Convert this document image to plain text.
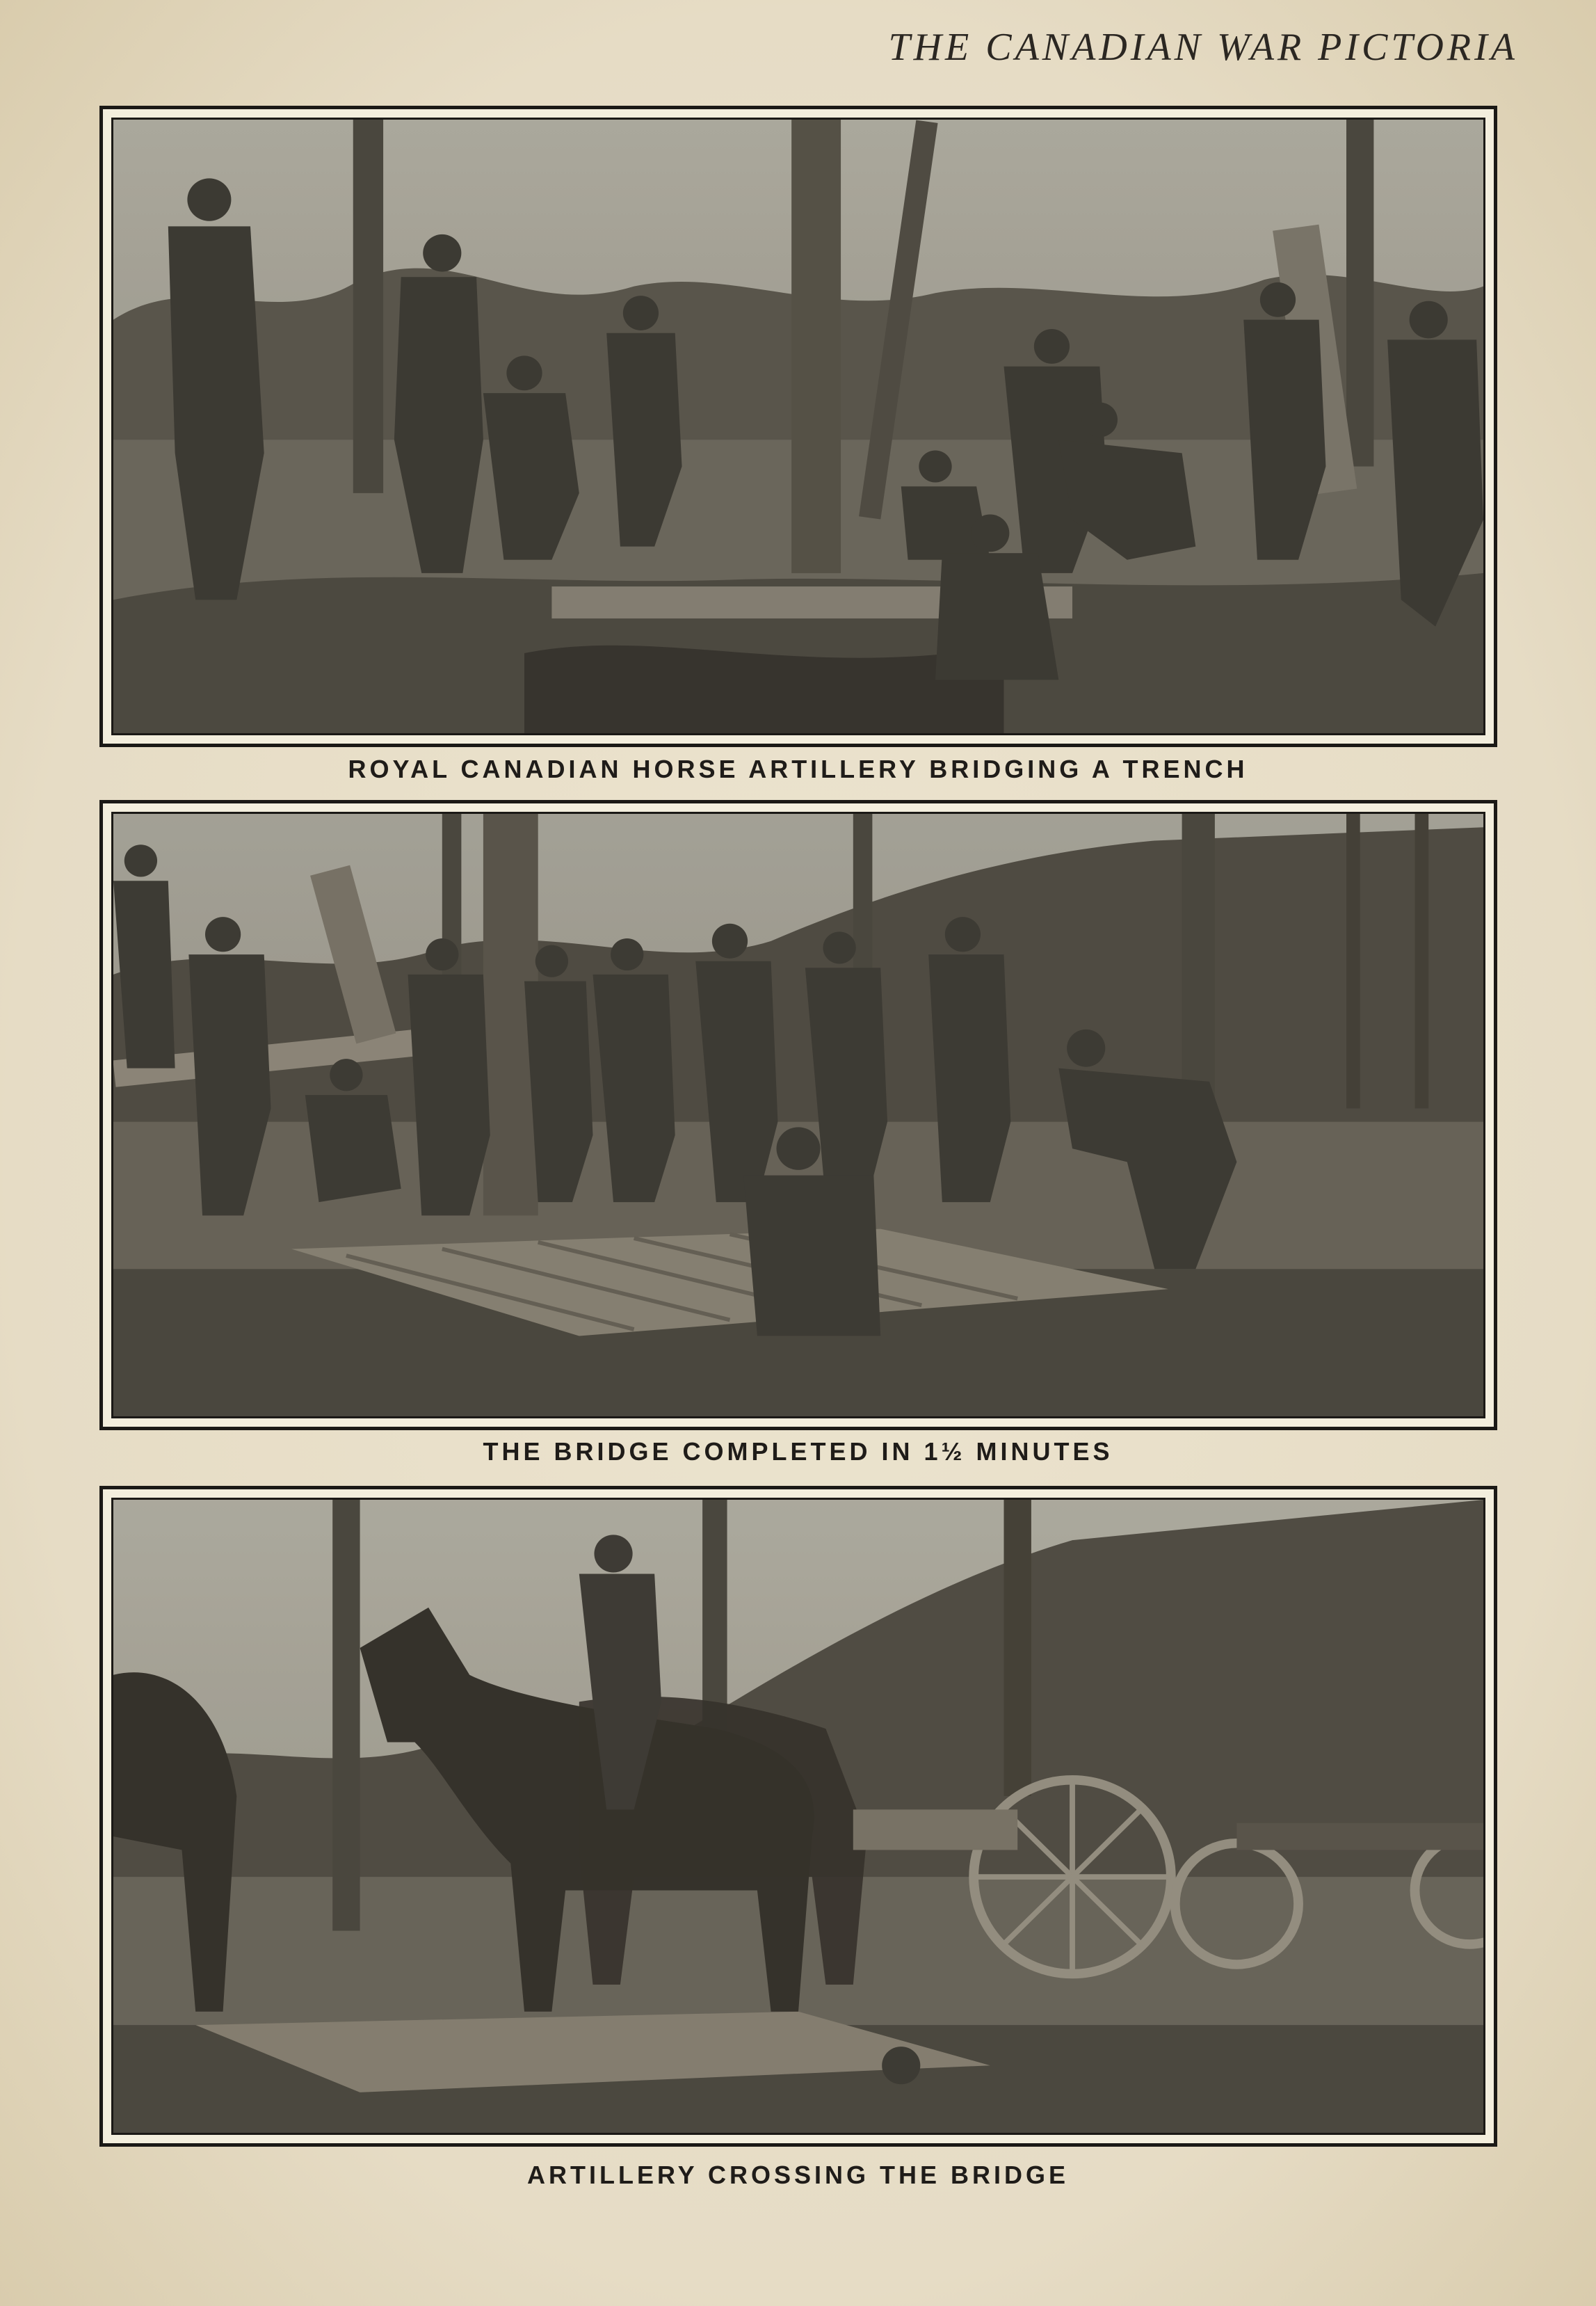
THE CANADIAN WAR PICTORIA
ROYAL CANADIAN HORSE ARTILLERY BRIDGING A TRENCH
THE BRIDGE COMPLETED IN 1½ MINUTES
ARTILLERY CROSSING THE BRIDGE
